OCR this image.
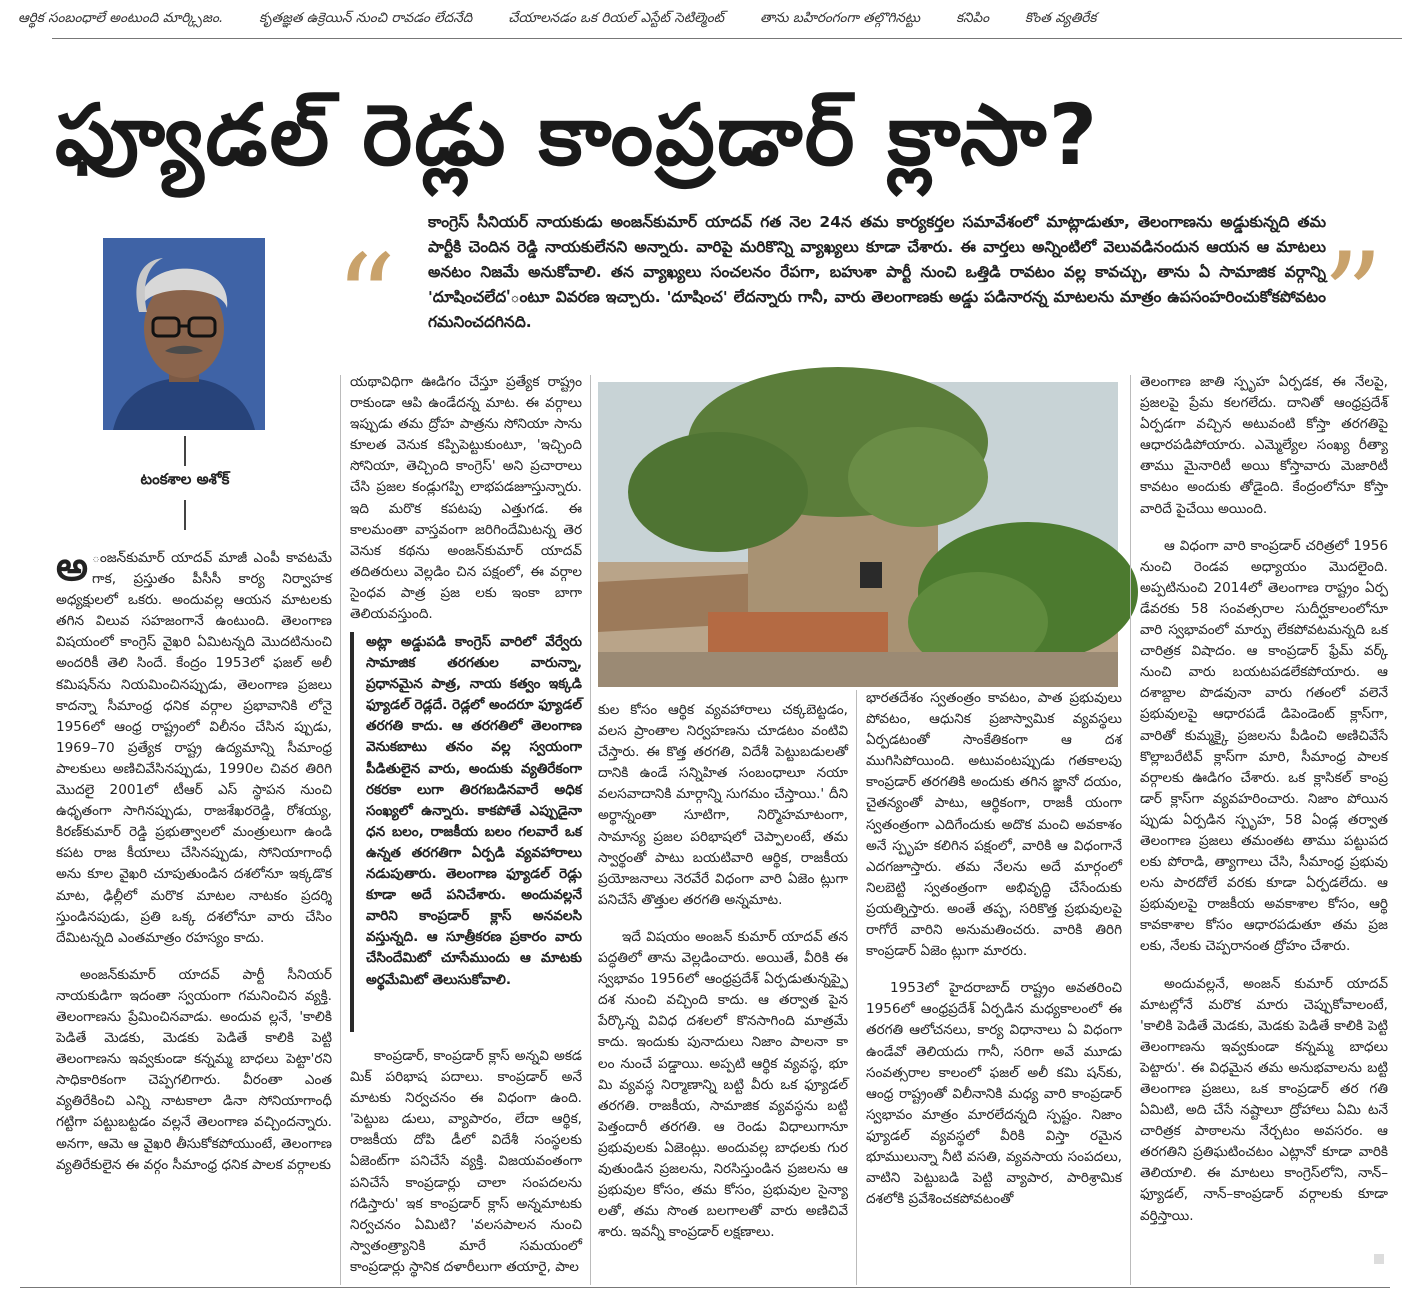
ఆర్థిక సంబంధాలే అంటుంది మార్క్సిజం.	కృతజ్ఞత ఉక్రెయిన్ నుంచి రావడం లేదనేది	చేయాలనడం ఒక రియల్ ఎస్టేట్ సెటిల్మెంట్	తాను బహిరంగంగా తల్గొగినట్టు	కనిపిం	కొంత వ్యతిరేక
ఫ్యూడల్ రెడ్లు కాంప్రడార్ క్లాసా?
“	”
కాంగ్రెస్ సీనియర్ నాయకుడు అంజన్‌కుమార్ యాదవ్ గత నెల 24న తమ కార్యకర్తల సమావేశంలో మాట్లాడుతూ, తెలంగాణను అడ్డుకున్నది తమ పార్టీకి చెందిన రెడ్డి నాయకులేనని అన్నారు. వారిపై మరికొన్ని వ్యాఖ్యలు కూడా చేశారు. ఈ వార్తలు అన్నింటిలో వెలువడినందున ఆయన ఆ మాటలు అనటం నిజమే అనుకోవాలి. తన వ్యాఖ్యలు సంచలనం రేపగా, బహుశా పార్టీ నుంచి ఒత్తిడి రావటం వల్ల కావచ్చు, తాను ఏ సామాజిక వర్గాన్ని 'దూషించలేద'ంటూ వివరణ ఇచ్చారు. 'దూషించ' లేదన్నారు గానీ, వారు తెలంగాణకు అడ్డు పడినారన్న మాటలను మాత్రం ఉపసంహరించుకోకపోవటం గమనించదగినది.
టంకశాల అశోక్

అ ంజన్‌కుమార్ యాదవ్ మాజీ ఎంపీ కావటమే గాక, ప్రస్తుతం పీసీసీ కార్య నిర్వాహక అధ్యక్షులలో ఒకరు. అందువల్ల ఆయన మాటలకు తగిన విలువ సహజంగానే ఉంటుంది. తెలంగాణ విషయంలో కాంగ్రెస్ వైఖరి ఏమిటన్నది మొదటినుంచి అందరికీ తెలి సిందే. కేంద్రం 1953లో ఫజల్ అలీ కమిషన్‌ను నియమించినప్పుడు, తెలంగాణ ప్రజలు కాదన్నా సీమాంధ్ర ధనిక వర్గాల ప్రభావానికి లోనై 1956లో ఆంధ్ర రాష్ట్రంలో విలీనం చేసిన ప్పుడు, 1969–70 ప్రత్యేక రాష్ట్ర ఉద్యమాన్ని సీమాంధ్ర పాలకులు అణిచివేసినప్పుడు, 1990ల చివర తిరిగి మొదలై 2001లో టీఆర్ ఎస్ స్థాపన నుంచి ఉధృతంగా సాగినప్పుడు, రాజశేఖరరెడ్డి, రోశయ్య, కిరణ్‌కుమార్ రెడ్డి ప్రభుత్వాలలో మంత్రులుగా ఉండి కపట రాజ కీయాలు చేసినప్పుడు, సోనియాగాంధీ అను కూల వైఖరి చూపుతుండిన దశలోనూ ఇక్కడొక మాట, ఢిల్లీలో మరొక మాటల నాటకం ప్రదర్శి స్తుండినపుడు, ప్రతి ఒక్క దశలోనూ వారు చేసిం దేమిటన్నది ఎంతమాత్రం రహస్యం కాదు.

అంజన్‌కుమార్ యాదవ్ పార్టీ సీనియర్ నాయకుడిగా ఇదంతా స్వయంగా గమనించిన వ్యక్తి. తెలంగాణను ప్రేమించినవాడు. అందువ ల్లనే, 'కాలికి పెడితే మెడకు, మెడకు పెడితే కాలికి పెట్టి తెలంగాణను ఇవ్వకుండా కన్నమ్మ బాధలు పెట్టా'రని సాధికారికంగా చెప్పగలిగారు. వీరంతా ఎంత వ్యతిరేకించి ఎన్ని నాటకాలా డినా సోనియాగాంధీ గట్టిగా పట్టుబట్టడం వల్లనే తెలంగాణ వచ్చిందన్నారు. అనగా, ఆమె ఆ వైఖరి తీసుకోకపోయుంటే, తెలంగాణ వ్యతిరేకులైన ఈ వర్గం సీమాంధ్ర ధనిక పాలక వర్గాలకు

యథావిధిగా ఊడిగం చేస్తూ ప్రత్యేక రాష్ట్రం రాకుండా ఆపి ఉండేదన్న మాట. ఈ వర్గాలు ఇప్పుడు తమ ద్రోహ పాత్రను సోనియా సాను కూలత వెనుక కప్పిపెట్టుకుంటూ, 'ఇచ్చింది సోనియా, తెచ్చింది కాంగ్రెస్' అని ప్రచారాలు చేసి ప్రజల కండ్లుగప్పి లాభపడజూస్తున్నారు. ఇది మరొక కపటపు ఎత్తుగడ. ఈ కాలమంతా వాస్తవంగా జరిగిందేమిటన్న తెర వెనుక కథను అంజన్‌కుమార్ యాదవ్ తదితరులు వెల్లడిం చిన పక్షంలో, ఈ వర్గాల సైంధవ పాత్ర ప్రజ లకు ఇంకా బాగా తెలియవస్తుంది.

అట్లా అడ్డుపడి కాంగ్రెస్ వారిలో వేర్వేరు సామాజిక తరగతుల వారున్నా, ప్రధానమైన పాత్ర, నాయ కత్వం ఇక్కడి ఫ్యూడల్ రెడ్లదే. రెడ్లలో అందరూ ఫ్యూడల్ తరగతి కాదు. ఆ తరగతిలో తెలంగాణ వెనుకబాటు తనం వల్ల స్వయంగా పీడితులైన వారు, అందుకు వ్యతిరేకంగా రకరకా లుగా తిరగబడినవారే అధిక సంఖ్యలో ఉన్నారు. కాకపోతే ఎప్పుడైనా ధన బలం, రాజకీయ బలం గలవారే ఒక ఉన్నత తరగతిగా ఏర్పడి వ్యవహారాలు నడుపుతారు. తెలంగాణ ఫ్యూడల్ రెడ్లు కూడా అదే పనిచేశారు. అందువల్లనే వారిని కాంప్రడార్ క్లాస్ అనవలసి వస్తున్నది. ఆ సూత్రీకరణ ప్రకారం వారు చేసిందేమిటో చూసేముందు ఆ మాటకు అర్థమేమిటో తెలుసుకోవాలి.

కాంప్రడార్, కాంప్రడార్ క్లాస్ అన్నవి అకడ మిక్ పరిభాష పదాలు. కాంప్రడార్ అనే మాటకు నిర్వచనం ఈ విధంగా ఉంది. 'పెట్టుబ డులు, వ్యాపారం, లేదా ఆర్థిక, రాజకీయ దోపి డీలో విదేశీ సంస్థలకు ఏజెంట్‌గా పనిచేసే వ్యక్తి. విజయవంతంగా పనిచేసే కాంప్రడార్లు చాలా సంపదలను గడిస్తారు' ఇక కాంప్రడార్ క్లాస్ అన్నమాటకు నిర్వచనం ఏమిటి? 'వలసపాలన నుంచి స్వాతంత్ర్యానికి మారే సమయంలో కాంప్రడార్లు స్థానిక దళారీలుగా తయారై, పాల

కుల కోసం ఆర్థిక వ్యవహారాలు చక్కబెట్టడం, వలస ప్రాంతాల నిర్వహణను చూడటం వంటివి చేస్తారు. ఈ కొత్త తరగతి, విదేశీ పెట్టుబడులతో దానికి ఉండే సన్నిహిత సంబంధాలూ నయా వలసవాదానికి మార్గాన్ని సుగమం చేస్తాయి.' దీని అర్థాన్నంతా సూటిగా, నిర్మొహమాటంగా, సామాన్య ప్రజల పరిభాషలో చెప్పాలంటే, తమ స్వార్థంతో పాటు బయటివారి ఆర్థిక, రాజకీయ ప్రయోజనాలు నెరవేరే విధంగా వారి ఏజెం ట్లుగా పనిచేసే తొత్తుల తరగతి అన్నమాట.

ఇదే విషయం అంజన్ కుమార్ యాదవ్ తన పద్ధతిలో తాను వెల్లడించారు. అయితే, వీరికి ఈ స్వభావం 1956లో ఆంధ్రప్రదేశ్ ఏర్పడుతున్నప్పై దశ నుంచి వచ్చింది కాదు. ఆ తర్వాత పైన పేర్కొన్న వివిధ దశలలో కొనసాగింది మాత్రమే కాదు. ఇందుకు పునాదులు నిజాం పాలనా కా లం నుంచే పడ్డాయి. అప్పటి ఆర్థిక వ్యవస్థ, భూ మి వ్యవస్థ నిర్మాణాన్ని బట్టి వీరు ఒక ఫ్యూడల్ తరగతి. రాజకీయ, సామాజిక వ్యవస్థను బట్టి పెత్తందారీ తరగతి. ఆ రెండు విధాలుగానూ ప్రభువులకు ఏజెంట్లు. అందువల్ల బాధలకు గుర వుతుండిన ప్రజలను, నిరసిస్తుండిన ప్రజలను ఆ ప్రభువుల కోసం, తమ కోసం, ప్రభువుల సైన్యా లతో, తమ సొంత బలగాలతో వారు అణిచివే శారు. ఇవన్నీ కాంప్రడార్ లక్షణాలు.

భారతదేశం స్వతంత్రం కావటం, పాత ప్రభువులు పోవటం, ఆధునిక ప్రజాస్వామిక వ్యవస్థలు ఏర్పడటంతో సాంకేతికంగా ఆ దశ ముగిసిపోయింది. అటువంటప్పుడు గతకాలపు కాంప్రడార్ తరగతికి అందుకు తగిన జ్ఞానో దయం, చైతన్యంతో పాటు, ఆర్థికంగా, రాజకీ యంగా స్వతంత్రంగా ఎదిగేందుకు అదొక మంచి అవకాశం అనే స్పృహ కలిగిన పక్షంలో, వారికి ఆ విధంగానే ఎదగజూస్తారు. తమ నేలను అదే మార్గంలో నిలబెట్టి స్వతంత్రంగా అభివృద్ధి చేసేందుకు ప్రయత్నిస్తారు. అంతే తప్ప, సరికొత్త ప్రభువులపై రాగోరే వారిని అనుమతించరు. వారికి తిరిగి కాంప్రడార్ ఏజెం ట్లుగా మారరు.

1953లో హైదరాబాద్ రాష్ట్రం అవతరించి 1956లో ఆంధ్రప్రదేశ్ ఏర్పడిన మధ్యకాలంలో ఈ తరగతి ఆలోచనలు, కార్య విధానాలు ఏ విధంగా ఉండేవో తెలియదు గానీ, సరిగా అవే మూడు సంవత్సరాల కాలంలో ఫజల్ అలీ కమి షన్‌కు, ఆంధ్ర రాష్ట్రంతో విలీనానికి మధ్య వారి కాంప్రడార్ స్వభావం మాత్రం మారలేదన్నది స్పష్టం. నిజాం ఫ్యూడల్ వ్యవస్థలో వీరికి విస్తా రమైన భూములున్నా నీటి వసతి, వ్యవసాయ సంపదలు, వాటిని పెట్టుబడి పెట్టి వ్యాపార, పారిశ్రామిక దశలోకి ప్రవేశించకపోవటంతో

తెలంగాణ జాతి స్పృహ ఏర్పడక, ఈ నేలపై, ప్రజలపై ప్రేమ కలగలేదు. దానితో ఆంధ్రప్రదేశ్ ఏర్పడగా వచ్చిన అటువంటి కోస్తా తరగతిపై ఆధారపడిపోయారు. ఎమ్మెల్యేల సంఖ్య రీత్యా తాము మైనారిటీ అయి కోస్తావారు మెజారిటీ కావటం అందుకు తోడైంది. కేంద్రంలోనూ కోస్తా వారిదే పైచేయి అయింది.

ఆ విధంగా వారి కాంప్రడార్ చరిత్రలో 1956 నుంచి రెండవ అధ్యాయం మొదలైంది. అప్పటినుంచి 2014లో తెలంగాణ రాష్ట్రం ఏర్ప డేవరకు 58 సంవత్సరాల సుదీర్ఘకాలంలోనూ వారి స్వభావంలో మార్పు లేకపోవటమన్నది ఒక చారిత్రక విషాదం. ఆ కాంప్రడార్ ఫ్రేమ్ వర్క్ నుంచి వారు బయటపడలేకపోయారు. ఆ దశాబ్దాల పొడవునా వారు గతంలో వలెనే ప్రభువులపై ఆధారపడే డిపెండెంట్ క్లాస్‌గా, వారితో కుమ్మక్కై ప్రజలను పీడించి అణిచివేసే కొల్లాబరేటివ్ క్లాస్‌గా మారి, సీమాంధ్ర పాలక వర్గాలకు ఊడిగం చేశారు. ఒక క్లాసికల్ కాంప్ర డార్ క్లాస్‌గా వ్యవహరించారు. నిజాం పోయిన ప్పుడు ఏర్పడిన స్పృహ, 58 ఏండ్ల తర్వాత తెలంగాణ ప్రజలు తమంతట తాము పట్టుపద లకు పోరాడి, త్యాగాలు చేసి, సీమాంధ్ర ప్రభువు లను పారదోలే వరకు కూడా ఏర్పడలేదు. ఆ ప్రభువులపై రాజకీయ అవకాశాల కోసం, ఆర్థి కావకాశాల కోసం ఆధారపడుతూ తమ ప్రజ లకు, నేలకు చెప్పరానంత ద్రోహం చేశారు.

అందువల్లనే, అంజన్ కుమార్ యాదవ్ మాటల్లోనే మరొక మారు చెప్పుకోవాలంటే, 'కాలికి పెడితే మెడకు, మెడకు పెడితే కాలికి పెట్టి తెలంగాణను ఇవ్వకుండా కన్నమ్మ బాధలు పెట్టారు'. ఈ విధమైన తమ అనుభవాలను బట్టి తెలంగాణ ప్రజలు, ఒక కాంప్రడార్ తర గతి ఏమిటి, అది చేసే నష్టాలూ ద్రోహాలు ఏమి టనే చారిత్రక పాఠాలను నేర్చటం అవసరం. ఆ తరగతిని ప్రతిఘటించటం ఎట్లానో కూడా వారికి తెలియాలి. ఈ మాటలు కాంగ్రెస్‌లోని, నాన్–ఫ్యూడల్, నాన్–కాంప్రడార్ వర్గాలకు కూడా వర్తిస్తాయి.
